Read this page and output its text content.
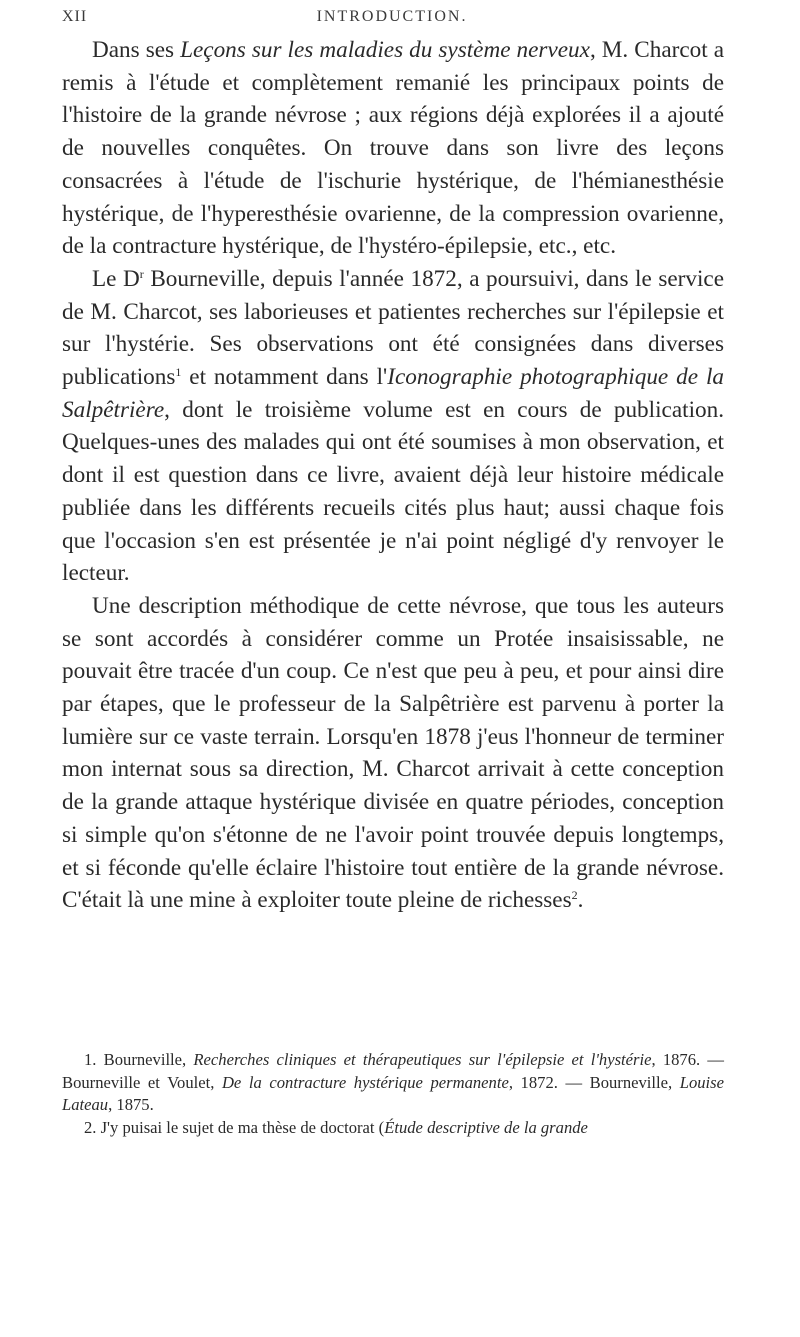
XII	INTRODUCTION.

Dans ses Leçons sur les maladies du système nerveux, M. Charcot a remis à l'étude et complètement remanié les principaux points de l'histoire de la grande névrose ; aux régions déjà explorées il a ajouté de nouvelles conquêtes. On trouve dans son livre des leçons consacrées à l'étude de l'ischurie hystérique, de l'hémianesthésie hystérique, de l'hyperesthésie ovarienne, de la compression ovarienne, de la contracture hystérique, de l'hystéro-épilepsie, etc., etc.

Le $D^r$ Bourneville, depuis l'année 1872, a poursuivi, dans le service de M. Charcot, ses laborieuses et patientes recherches sur l'épilepsie et sur l'hystérie. Ses observations ont été consignées dans diverses publications$^1$ et notamment dans l'Iconographie photographique de la Salpêtrière, dont le troisième volume est en cours de publication. Quelques-unes des malades qui ont été soumises à mon observation, et dont il est question dans ce livre, avaient déjà leur histoire médicale publiée dans les différents recueils cités plus haut; aussi chaque fois que l'occasion s'en est présentée je n'ai point négligé d'y renvoyer le lecteur.

Une description méthodique de cette névrose, que tous les auteurs se sont accordés à considérer comme un Protée insaisissable, ne pouvait être tracée d'un coup. Ce n'est que peu à peu, et pour ainsi dire par étapes, que le professeur de la Salpêtrière est parvenu à porter la lumière sur ce vaste terrain. Lorsqu'en 1878 j'eus l'honneur de terminer mon internat sous sa direction, M. Charcot arrivait à cette conception de la grande attaque hystérique divisée en quatre périodes, conception si simple qu'on s'étonne de ne l'avoir point trouvée depuis longtemps, et si féconde qu'elle éclaire l'histoire tout entière de la grande névrose. C'était là une mine à exploiter toute pleine de richesses$^2$.

1. Bourneville, Recherches cliniques et thérapeutiques sur l'épilepsie et l'hystérie, 1876. — Bourneville et Voulet, De la contracture hystérique permanente, 1872. — Bourneville, Louise Lateau, 1875.

2. J'y puisai le sujet de ma thèse de doctorat (Étude descriptive de la grande
